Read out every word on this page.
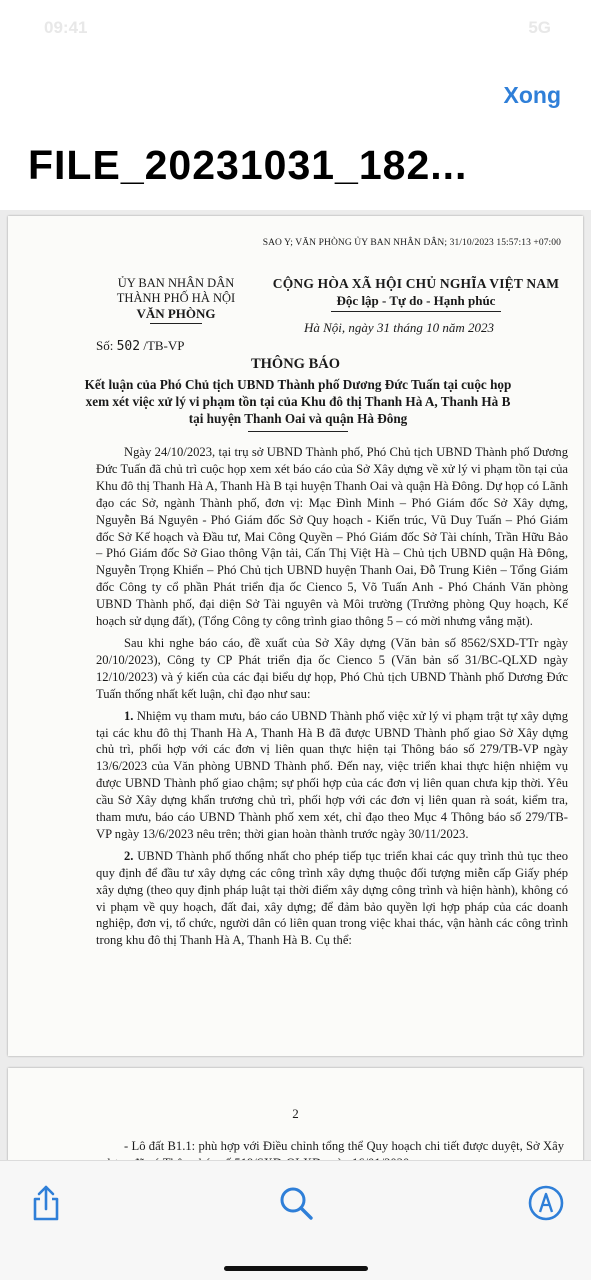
09:41	5G
Xong
FILE_20231031_182...
SAO Y; VĂN PHÒNG ỦY BAN NHÂN DÂN; 31/10/2023 15:57:13 +07:00
ỦY BAN NHÂN DÂN
THÀNH PHỐ HÀ NỘI
VĂN PHÒNG
Số: 502 /TB-VP
CỘNG HÒA XÃ HỘI CHỦ NGHĨA VIỆT NAM
Độc lập - Tự do - Hạnh phúc
Hà Nội, ngày 31 tháng 10 năm 2023
THÔNG BÁO
Kết luận của Phó Chủ tịch UBND Thành phố Dương Đức Tuấn tại cuộc họp
xem xét việc xử lý vi phạm tồn tại của Khu đô thị Thanh Hà A, Thanh Hà B
tại huyện Thanh Oai và quận Hà Đông

Ngày 24/10/2023, tại trụ sở UBND Thành phố, Phó Chủ tịch UBND Thành phố Dương Đức Tuấn đã chủ trì cuộc họp xem xét báo cáo của Sở Xây dựng về xử lý vi phạm tồn tại của Khu đô thị Thanh Hà A, Thanh Hà B tại huyện Thanh Oai và quận Hà Đông. Dự họp có Lãnh đạo các Sở, ngành Thành phố, đơn vị: Mạc Đình Minh – Phó Giám đốc Sở Xây dựng, Nguyễn Bá Nguyên - Phó Giám đốc Sở Quy hoạch - Kiến trúc, Vũ Duy Tuấn – Phó Giám đốc Sở Kế hoạch và Đầu tư, Mai Công Quyền – Phó Giám đốc Sở Tài chính, Trần Hữu Bảo – Phó Giám đốc Sở Giao thông Vận tải, Cấn Thị Việt Hà – Chủ tịch UBND quận Hà Đông, Nguyễn Trọng Khiển – Phó Chủ tịch UBND huyện Thanh Oai, Đỗ Trung Kiên – Tổng Giám đốc Công ty cổ phần Phát triển địa ốc Cienco 5, Võ Tuấn Anh - Phó Chánh Văn phòng UBND Thành phố, đại diện Sở Tài nguyên và Môi trường (Trưởng phòng Quy hoạch, Kế hoạch sử dụng đất), (Tổng Công ty công trình giao thông 5 – có mời nhưng vắng mặt).

Sau khi nghe báo cáo, đề xuất của Sở Xây dựng (Văn bản số 8562/SXD-TTr ngày 20/10/2023), Công ty CP Phát triển địa ốc Cienco 5 (Văn bản số 31/BC-QLXD ngày 12/10/2023) và ý kiến của các đại biểu dự họp, Phó Chủ tịch UBND Thành phố Dương Đức Tuấn thống nhất kết luận, chỉ đạo như sau:

1. Nhiệm vụ tham mưu, báo cáo UBND Thành phố việc xử lý vi phạm trật tự xây dựng tại các khu đô thị Thanh Hà A, Thanh Hà B đã được UBND Thành phố giao Sở Xây dựng chủ trì, phối hợp với các đơn vị liên quan thực hiện tại Thông báo số 279/TB-VP ngày 13/6/2023 của Văn phòng UBND Thành phố. Đến nay, việc triển khai thực hiện nhiệm vụ được UBND Thành phố giao chậm; sự phối hợp của các đơn vị liên quan chưa kịp thời. Yêu cầu Sở Xây dựng khẩn trương chủ trì, phối hợp với các đơn vị liên quan rà soát, kiểm tra, tham mưu, báo cáo UBND Thành phố xem xét, chỉ đạo theo Mục 4 Thông báo số 279/TB-VP ngày 13/6/2023 nêu trên; thời gian hoàn thành trước ngày 30/11/2023.

2. UBND Thành phố thống nhất cho phép tiếp tục triển khai các quy trình thủ tục theo quy định để đầu tư xây dựng các công trình xây dựng thuộc đối tượng miễn cấp Giấy phép xây dựng (theo quy định pháp luật tại thời điểm xây dựng công trình và hiện hành), không có vi phạm về quy hoạch, đất đai, xây dựng; để đảm bảo quyền lợi hợp pháp của các doanh nghiệp, đơn vị, tổ chức, người dân có liên quan trong việc khai thác, vận hành các công trình trong khu đô thị Thanh Hà A, Thanh Hà B. Cụ thể:

2
- Lô đất B1.1: phù hợp với Điều chỉnh tổng thể Quy hoạch chi tiết được duyệt, Sở Xây
